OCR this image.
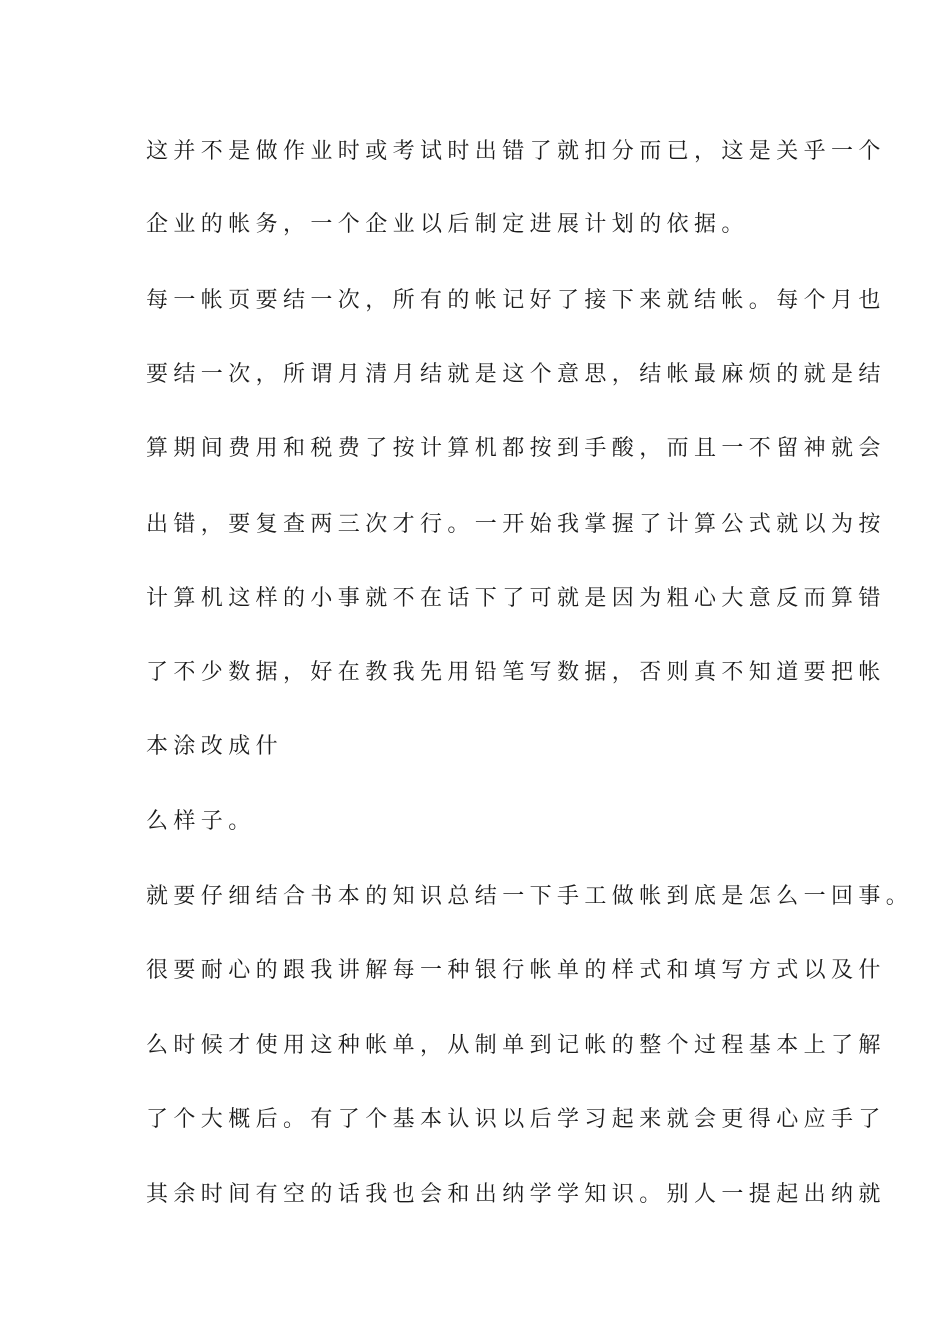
这并不是做作业时或考试时出错了就扣分而已，这是关乎一个
企业的帐务，一个企业以后制定进展计划的依据。
每一帐页要结一次，所有的帐记好了接下来就结帐。每个月也
要结一次，所谓月清月结就是这个意思，结帐最麻烦的就是结
算期间费用和税费了按计算机都按到手酸，而且一不留神就会
出错，要复查两三次才行。一开始我掌握了计算公式就以为按
计算机这样的小事就不在话下了可就是因为粗心大意反而算错
了不少数据，好在教我先用铅笔写数据，否则真不知道要把帐
本涂改成什
么样子。
就要仔细结合书本的知识总结一下手工做帐到底是怎么一回事。
很要耐心的跟我讲解每一种银行帐单的样式和填写方式以及什
么时候才使用这种帐单，从制单到记帐的整个过程基本上了解
了个大概后。有了个基本认识以后学习起来就会更得心应手了
其余时间有空的话我也会和出纳学学知识。别人一提起出纳就
